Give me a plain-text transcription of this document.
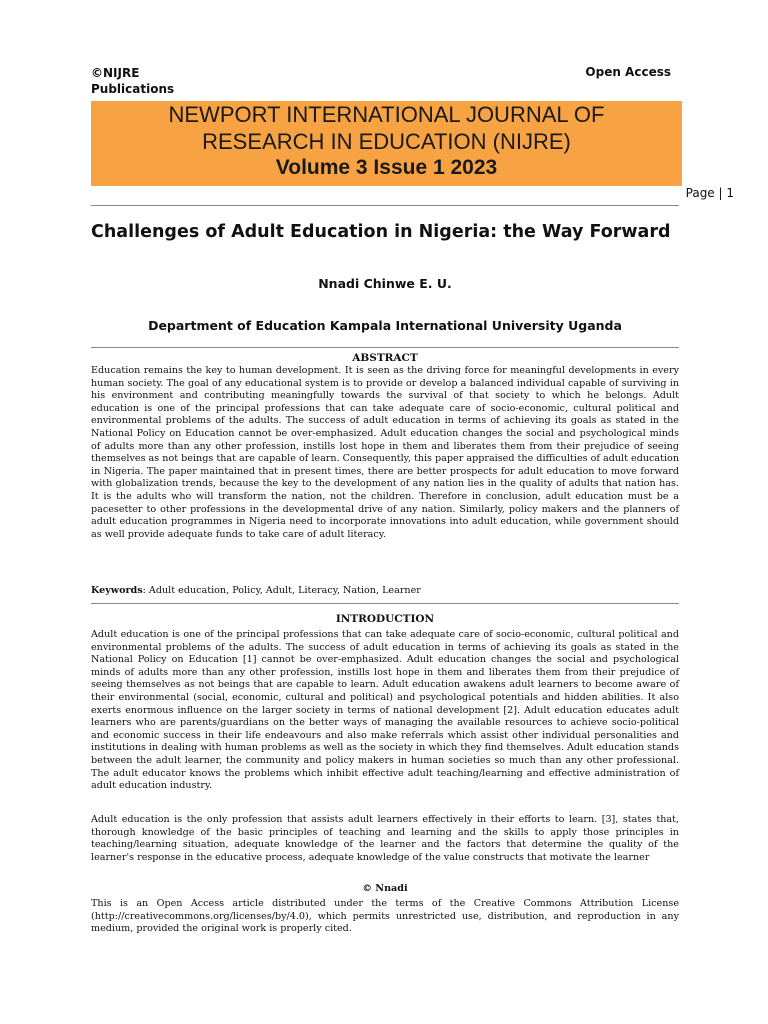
©NIJRE
Publications
Open Access
NEWPORT INTERNATIONAL JOURNAL OF
RESEARCH IN EDUCATION (NIJRE)
Volume 3 Issue 1 2023
Page | 1
Challenges of Adult Education in Nigeria: the Way Forward
Nnadi Chinwe E. U.
Department of Education Kampala International University Uganda
ABSTRACT

Education remains the key to human development. It is seen as the driving force for meaningful developments in every human society. The goal of any educational system is to provide or develop a balanced individual capable of surviving in his environment and contributing meaningfully towards the survival of that society to which he belongs. Adult education is one of the principal professions that can take adequate care of socio-economic, cultural political and environmental problems of the adults. The success of adult education in terms of achieving its goals as stated in the National Policy on Education cannot be over-emphasized. Adult education changes the social and psychological minds of adults more than any other profession, instills lost hope in them and liberates them from their prejudice of seeing themselves as not beings that are capable of learn. Consequently, this paper appraised the difficulties of adult education in Nigeria. The paper maintained that in present times, there are better prospects for adult education to move forward with globalization trends, because the key to the development of any nation lies in the quality of adults that nation has. It is the adults who will transform the nation, not the children. Therefore in conclusion, adult education must be a pacesetter to other professions in the developmental drive of any nation. Similarly, policy makers and the planners of adult education programmes in Nigeria need to incorporate innovations into adult education, while government should as well provide adequate funds to take care of adult literacy.

Keywords: Adult education, Policy, Adult, Literacy, Nation, Learner

INTRODUCTION

Adult education is one of the principal professions that can take adequate care of socio-economic, cultural political and environmental problems of the adults. The success of adult education in terms of achieving its goals as stated in the National Policy on Education [1] cannot be over-emphasized. Adult education changes the social and psychological minds of adults more than any other profession, instills lost hope in them and liberates them from their prejudice of seeing themselves as not beings that are capable to learn. Adult education awakens adult learners to become aware of their environmental (social, economic, cultural and political) and psychological potentials and hidden abilities. It also exerts enormous influence on the larger society in terms of national development [2]. Adult education educates adult learners who are parents/guardians on the better ways of managing the available resources to achieve socio-political and economic success in their life endeavours and also make referrals which assist other individual personalities and institutions in dealing with human problems as well as the society in which they find themselves. Adult education stands between the adult learner, the community and policy makers in human societies so much than any other professional. The adult educator knows the problems which inhibit effective adult teaching/learning and effective administration of adult education industry.

Adult education is the only profession that assists adult learners effectively in their efforts to learn. [3], states that, thorough knowledge of the basic principles of teaching and learning and the skills to apply those principles in teaching/learning situation, adequate knowledge of the learner and the factors that determine the quality of the learner's response in the educative process, adequate knowledge of the value constructs that motivate the learner

© Nnadi

This is an Open Access article distributed under the terms of the Creative Commons Attribution License (http://creativecommons.org/licenses/by/4.0), which permits unrestricted use, distribution, and reproduction in any medium, provided the original work is properly cited.
